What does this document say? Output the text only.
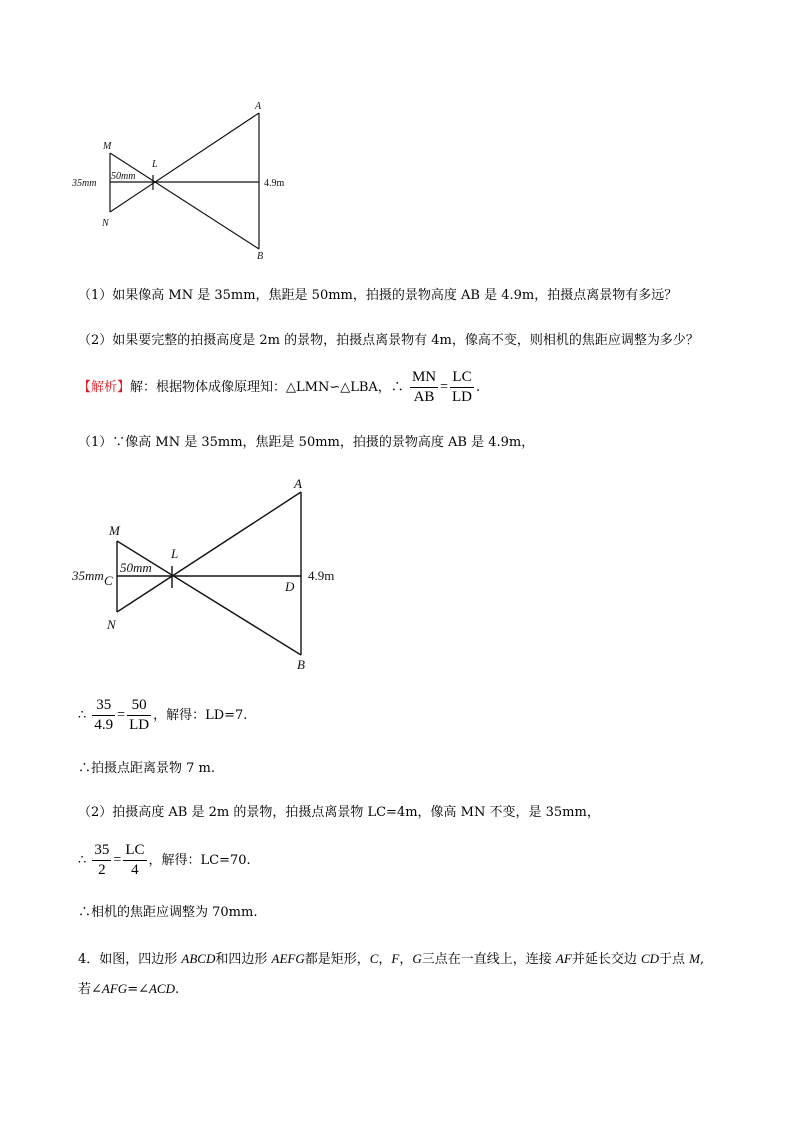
A
B
M
N
L
35mm
50mm
4.9m
（1）如果像高 MN 是 35mm，焦距是 50mm，拍摄的景物高度 AB 是 4.9m，拍摄点离景物有多远？
（2）如果要完整的拍摄高度是 2m 的景物，拍摄点离景物有 4m，像高不变，则相机的焦距应调整为多少？
【解析】解：根据物体成像原理知：△LMN∽△LBA，∴ $\frac{MN}{AB} = \frac{LC}{LD}$ .
（1）∵像高 MN 是 35mm，焦距是 50mm，拍摄的景物高度 AB 是 4.9m，
A
B
M
N
L
C	D
35mm
50mm
4.9m
∴ $\frac{35}{4.9} = \frac{50}{LD}$ ，解得：LD=7.
∴拍摄点距离景物 7 m.
（2）拍摄高度 AB 是 2m 的景物，拍摄点离景物 LC=4m，像高 MN 不变，是 35mm，
∴ $\frac{35}{2} = \frac{LC}{4}$ ，解得：LC=70.
∴相机的焦距应调整为 70mm.
4．如图，四边形 ABCD和四边形 AEFG都是矩形，C，F，G三点在一直线上，连接 AF并延长交边 CD于点 M,
若∠AFG=∠ACD.
